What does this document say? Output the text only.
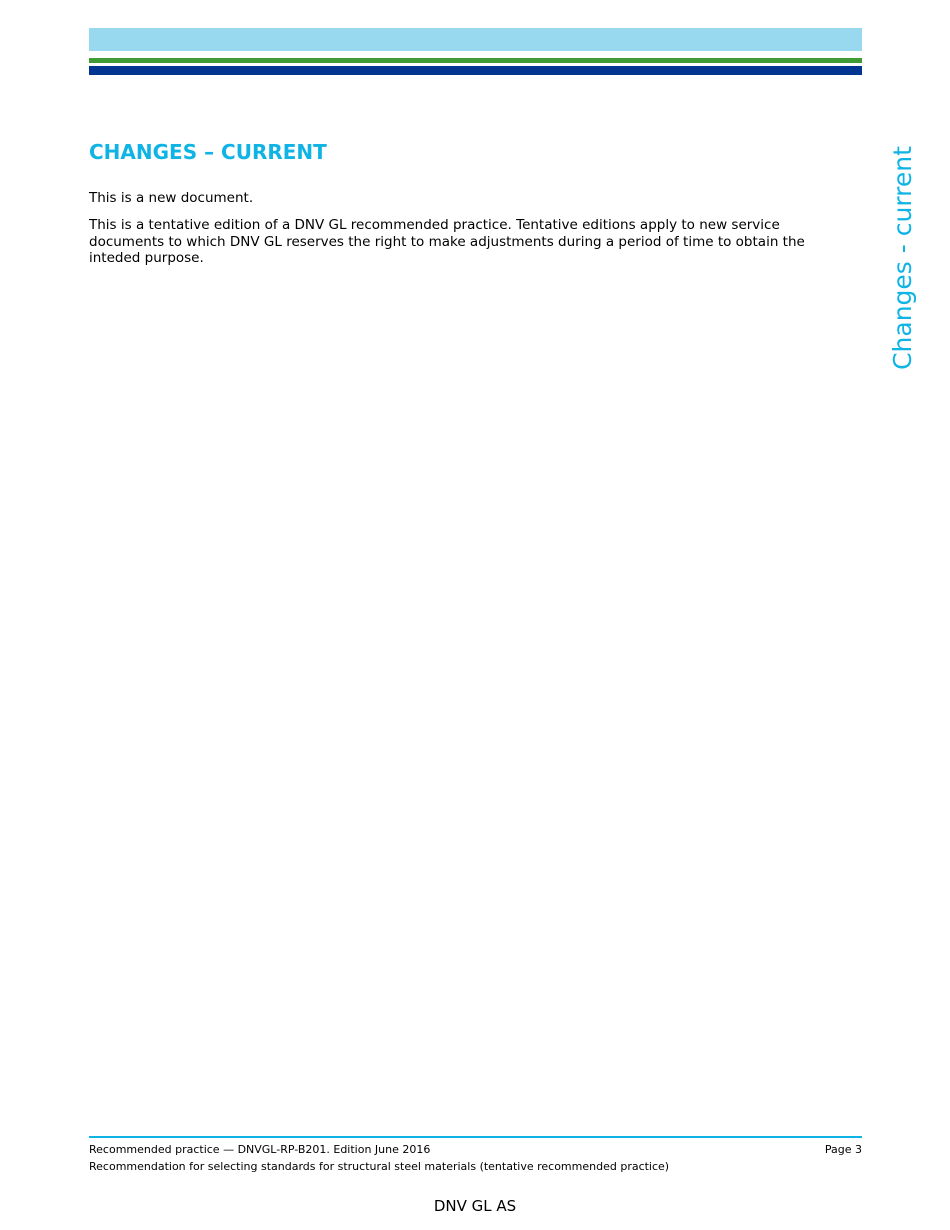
CHANGES – CURRENT

This is a new document.

This is a tentative edition of a DNV GL recommended practice. Tentative editions apply to new service documents to which DNV GL reserves the right to make adjustments during a period of time to obtain the inteded purpose.	Changes - current
Recommended practice — DNVGL-RP-B201. Edition June 2016	Page 3
Recommendation for selecting standards for structural steel materials (tentative recommended practice)
DNV GL AS
